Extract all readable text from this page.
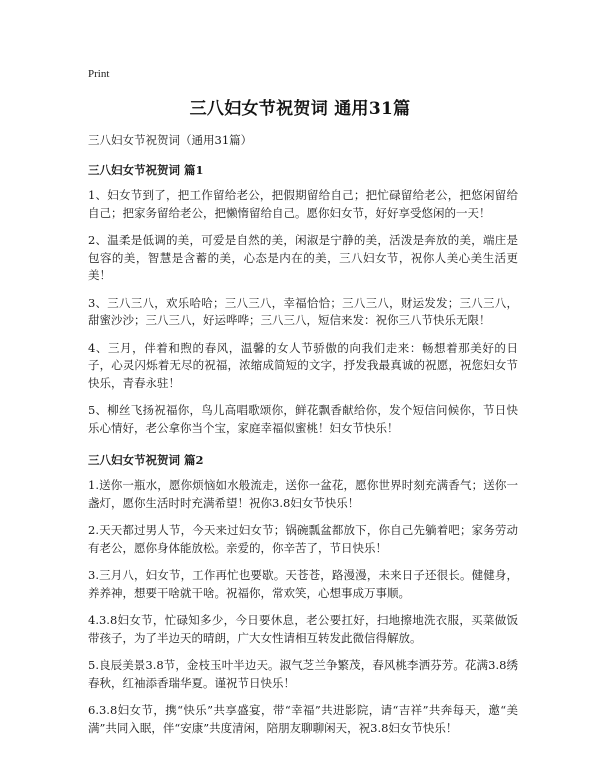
Print
三八妇女节祝贺词 通用31篇

三八妇女节祝贺词（通用31篇）

三八妇女节祝贺词 篇1

1、妇女节到了，把工作留给老公，把假期留给自己；把忙碌留给老公，把悠闲留给自己；把家务留给老公，把懒惰留给自己。愿你妇女节，好好享受悠闲的一天！

2、温柔是低调的美，可爱是自然的美，闲淑是宁静的美，活泼是奔放的美，端庄是包容的美，智慧是含蓄的美，心态是内在的美，三八妇女节，祝你人美心美生活更美！

3、三八三八，欢乐哈哈；三八三八，幸福恰恰；三八三八，财运发发；三八三八，甜蜜沙沙；三八三八，好运哗哗；三八三八，短信来发：祝你三八节快乐无限！

4、三月，伴着和煦的春风，温馨的女人节骄傲的向我们走来：畅想着那美好的日子，心灵闪烁着无尽的祝福，浓缩成简短的文字，抒发我最真诚的祝愿，祝您妇女节快乐，青春永驻！

5、柳丝飞扬祝福你，鸟儿高唱歌颂你，鲜花飘香献给你，发个短信问候你，节日快乐心情好，老公拿你当个宝，家庭幸福似蜜桃！妇女节快乐！

三八妇女节祝贺词 篇2

1.送你一瓶水，愿你烦恼如水般流走，送你一盆花，愿你世界时刻充满香气；送你一盏灯，愿你生活时时充满希望！祝你3.8妇女节快乐！

2.天天都过男人节，今天来过妇女节；锅碗瓢盆都放下，你自己先躺着吧；家务劳动有老公，愿你身体能放松。亲爱的，你辛苦了，节日快乐！

3.三月八，妇女节，工作再忙也要歇。天苍苍，路漫漫，未来日子还很长。健健身，养养神，想要干啥就干啥。祝福你，常欢笑，心想事成万事顺。

4.3.8妇女节，忙碌知多少，今日要休息，老公要扛好，扫地擦地洗衣服，买菜做饭带孩子，为了半边天的晴朗，广大女性请相互转发此微信得解放。

5.良辰美景3.8节，金枝玉叶半边天。淑气芝兰争繁茂，春风桃李洒芬芳。花满3.8绣春秋，红袖添香瑞华夏。谨祝节日快乐！

6.3.8妇女节，携“快乐”共享盛宴，带“幸福”共进影院，请“吉祥”共奔每天，邀“美满”共同入眠，伴“安康”共度清闲，陪朋友聊聊闲天，祝3.8妇女节快乐！
